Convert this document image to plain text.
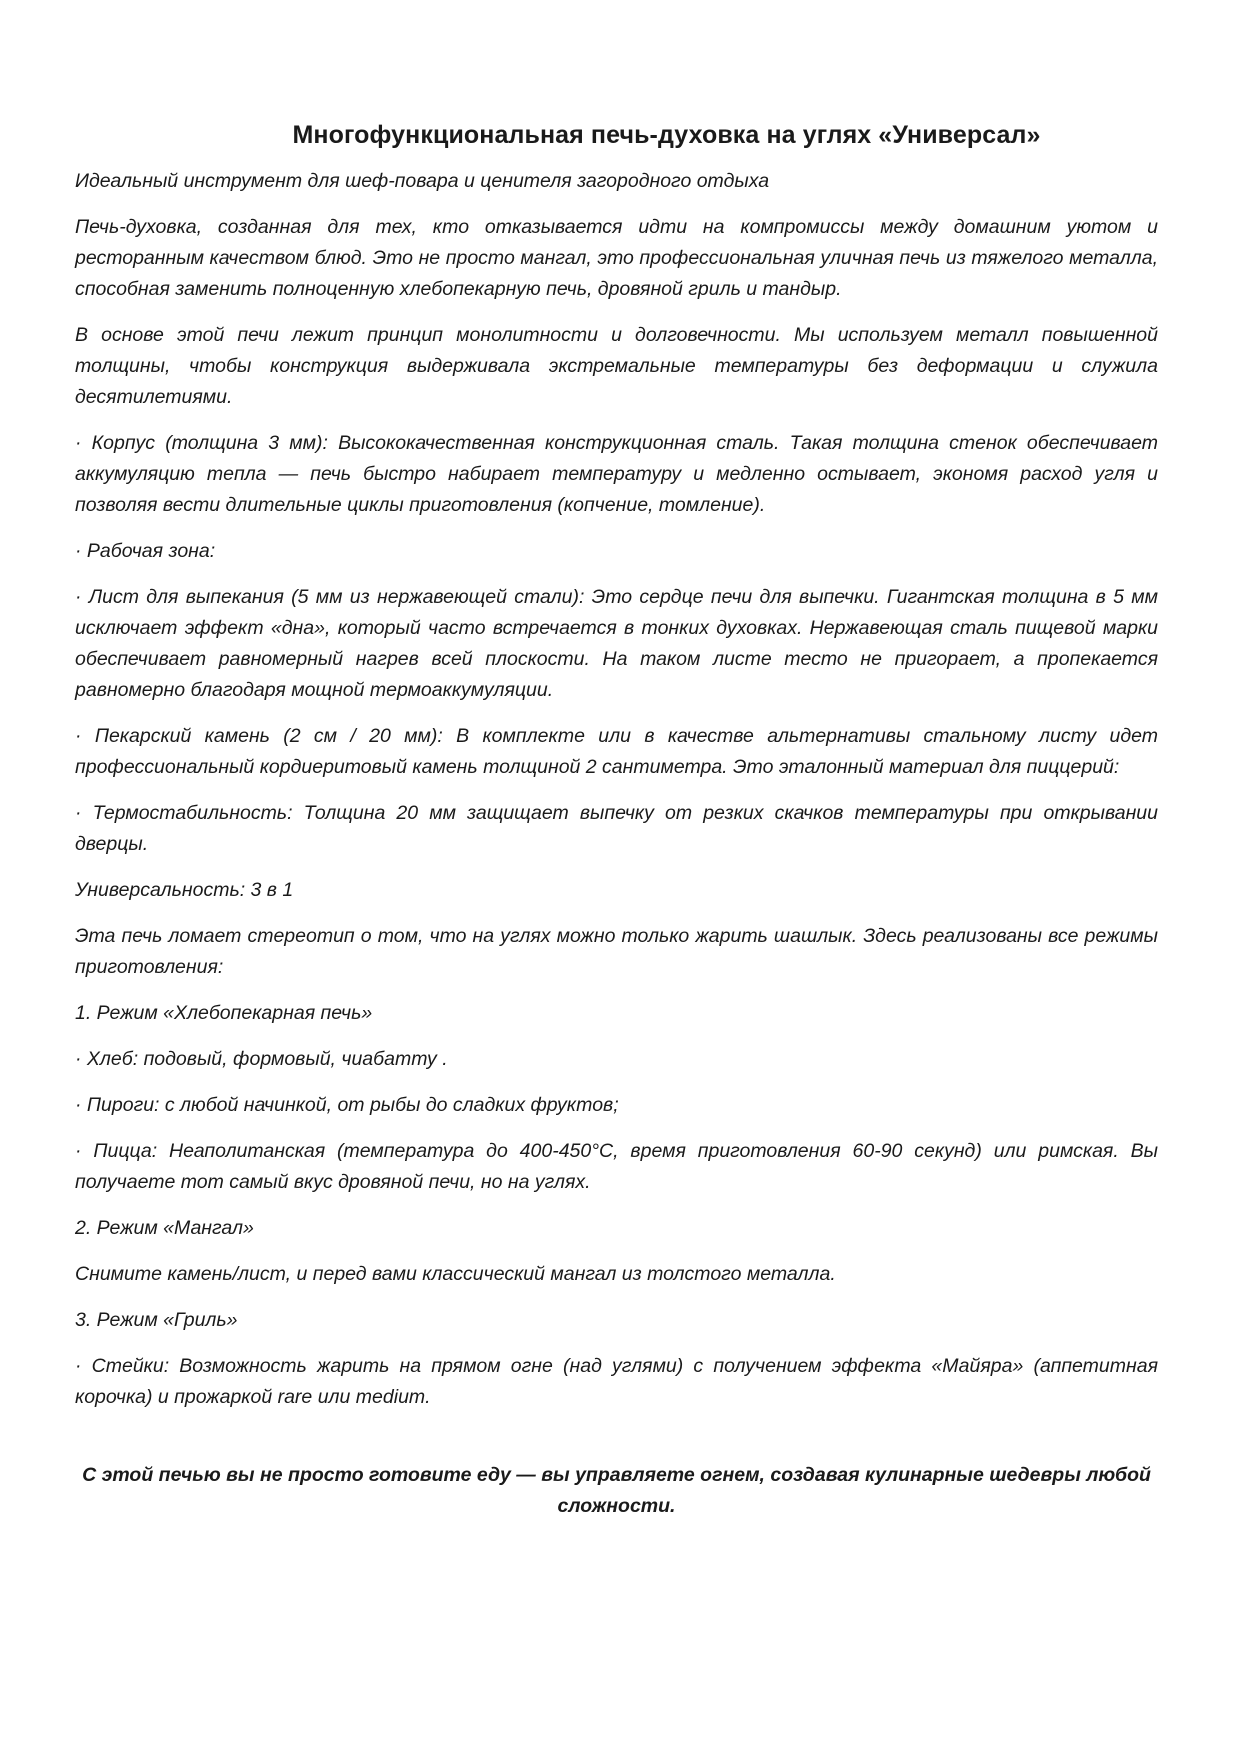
Многофункциональная печь-духовка на углях «Универсал»

Идеальный инструмент для шеф-повара и ценителя загородного отдыха

Печь-духовка, созданная для тех, кто отказывается идти на компромиссы между домашним уютом и ресторанным качеством блюд. Это не просто мангал, это профессиональная уличная печь из тяжелого металла, способная заменить полноценную хлебопекарную печь, дровяной гриль и тандыр.

В основе этой печи лежит принцип монолитности и долговечности. Мы используем металл повышенной толщины, чтобы конструкция выдерживала экстремальные температуры без деформации и служила десятилетиями.

· Корпус (толщина 3 мм): Высококачественная конструкционная сталь. Такая толщина стенок обеспечивает аккумуляцию тепла — печь быстро набирает температуру и медленно остывает, экономя расход угля и позволяя вести длительные циклы приготовления (копчение, томление).

· Рабочая зона:

· Лист для выпекания (5 мм из нержавеющей стали): Это сердце печи для выпечки. Гигантская толщина в 5 мм исключает эффект «дна», который часто встречается в тонких духовках. Нержавеющая сталь пищевой марки обеспечивает равномерный нагрев всей плоскости. На таком листе тесто не пригорает, а пропекается равномерно благодаря мощной термоаккумуляции.

· Пекарский камень (2 см / 20 мм): В комплекте или в качестве альтернативы стальному листу идет профессиональный кордиеритовый камень толщиной 2 сантиметра. Это эталонный материал для пиццерий:

· Термостабильность: Толщина 20 мм защищает выпечку от резких скачков температуры при открывании дверцы.

Универсальность: 3 в 1

Эта печь ломает стереотип о том, что на углях можно только жарить шашлык. Здесь реализованы все режимы приготовления:

1. Режим «Хлебопекарная печь»

· Хлеб: подовый, формовый, чиабатту .

· Пироги: с любой начинкой, от рыбы до сладких фруктов;

· Пицца: Неаполитанская (температура до 400-450°C, время приготовления 60-90 секунд) или римская. Вы получаете тот самый вкус дровяной печи, но на углях.

2. Режим «Мангал»

Снимите камень/лист, и перед вами классический мангал из толстого металла.

3. Режим «Гриль»

· Стейки: Возможность жарить на прямом огне (над углями) с получением эффекта «Майяра» (аппетитная корочка) и прожаркой rare или medium.

С этой печью вы не просто готовите еду — вы управляете огнем, создавая кулинарные шедевры любой сложности.
